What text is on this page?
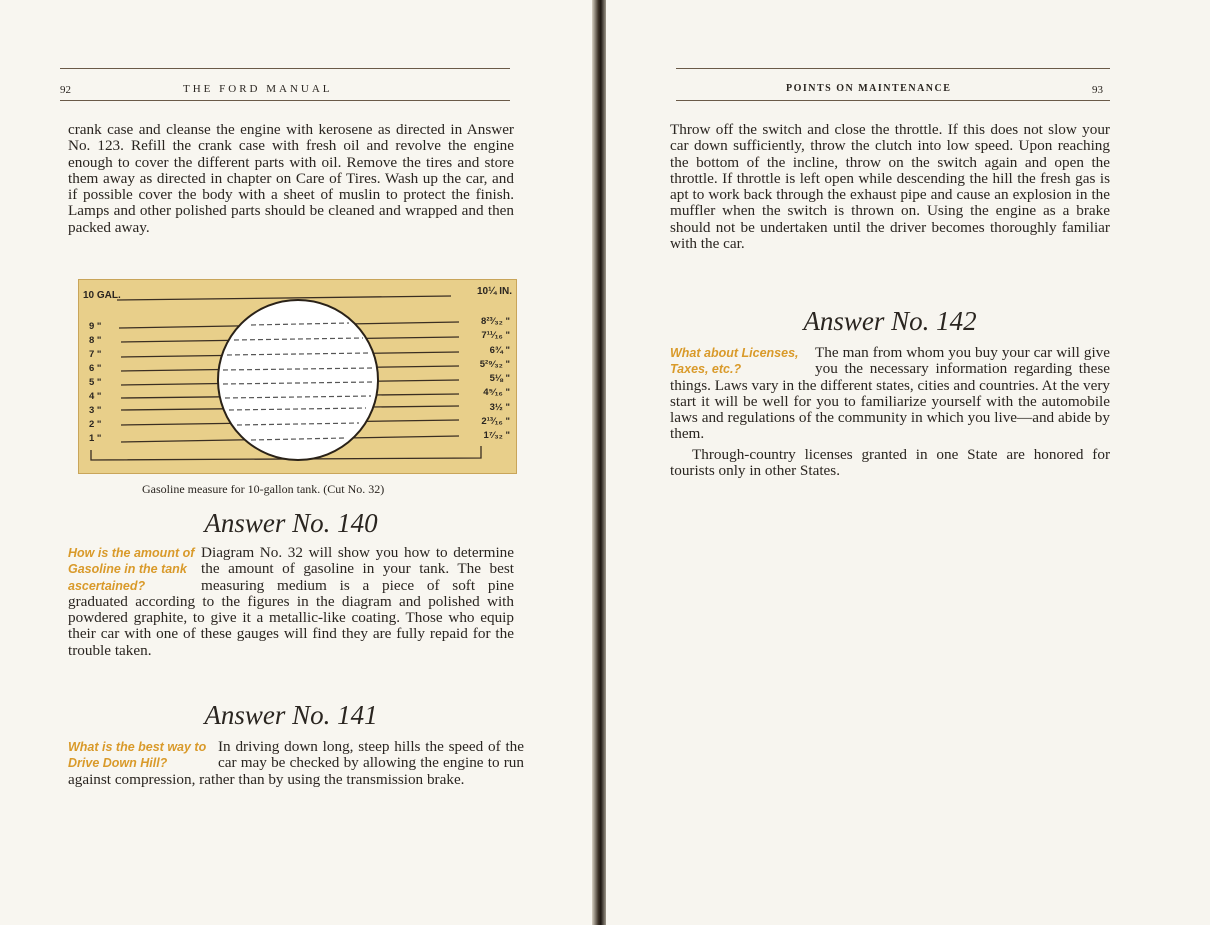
92	THE FORD MANUAL
crank case and cleanse the engine with kerosene as directed in Answer No. 123. Refill the crank case with fresh oil and revolve the engine enough to cover the different parts with oil. Remove the tires and store them away as directed in chapter on Care of Tires. Wash up the car, and if possible cover the body with a sheet of muslin to protect the finish. Lamps and other polished parts should be cleaned and wrapped and then packed away.
10 GAL.	10¼ IN.
9 "
8 "
7 "
6 "
5 "
4 "
3 "
2 "
1 "
8²³⁄₃₂ "
7¹¹⁄₁₆ "
6¾ "
5²⁹⁄₃₂ "
5⅛ "
4⁵⁄₁₆ "
3½ "
2¹³⁄₁₆ "
1⁷⁄₃₂ "
Gasoline measure for 10-gallon tank. (Cut No. 32)
Answer No. 140
How is the amount of Gasoline in the tank ascertained?

Diagram No. 32 will show you how to determine the amount of gasoline in your tank. The best measuring medium is a piece of soft pine graduated according to the figures in the diagram and polished with powdered graphite, to give it a metallic-like coating. Those who equip their car with one of these gauges will find they are fully repaid for the trouble taken.

Answer No. 141
What is the best way to Drive Down Hill?

In driving down long, steep hills the speed of the car may be checked by allowing the engine to run against compression, rather than by using the transmission brake.

POINTS ON MAINTENANCE	93
Throw off the switch and close the throttle. If this does not slow your car down sufficiently, throw the clutch into low speed. Upon reaching the bottom of the incline, throw on the switch again and open the throttle. If throttle is left open while descending the hill the fresh gas is apt to work back through the exhaust pipe and cause an explosion in the muffler when the switch is thrown on. Using the engine as a brake should not be undertaken until the driver becomes thoroughly familiar with the car.
Answer No. 142
What about Licenses, Taxes, etc.?

The man from whom you buy your car will give you the necessary information regarding these things. Laws vary in the different states, cities and countries. At the very start it will be well for you to familiarize yourself with the automobile laws and regulations of the community in which you live—and abide by them.

Through-country licenses granted in one State are honored for tourists only in other States.
